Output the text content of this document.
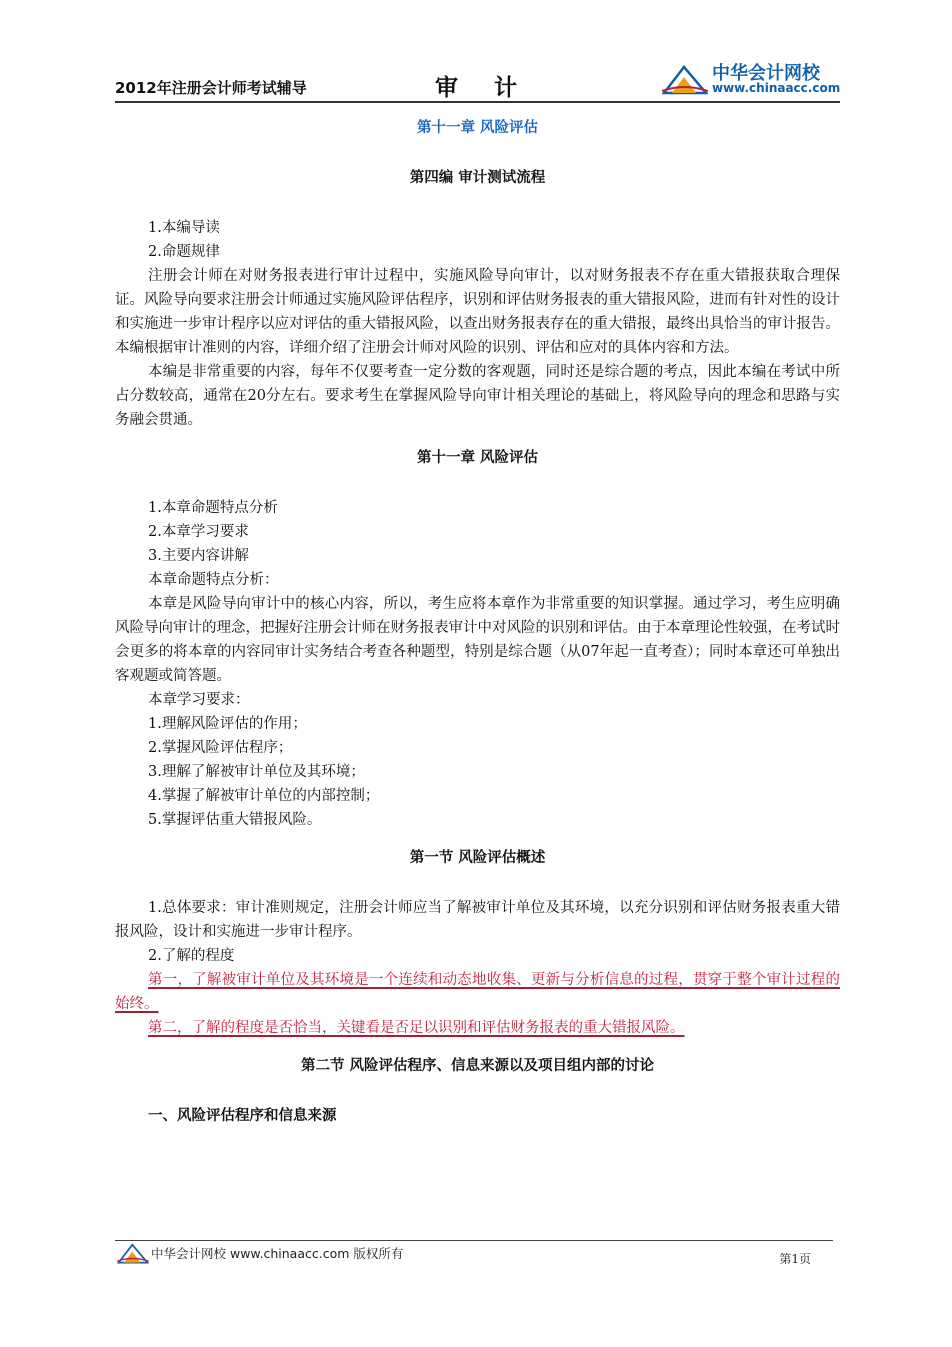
2012年注册会计师考试辅导	审计
中华会计网校
www.chinaacc.com

第十一章 风险评估

第四编 审计测试流程

1.本编导读

2.命题规律

注册会计师在对财务报表进行审计过程中，实施风险导向审计，以对财务报表不存在重大错报获取合理保证。风险导向要求注册会计师通过实施风险评估程序，识别和评估财务报表的重大错报风险，进而有针对性的设计和实施进一步审计程序以应对评估的重大错报风险，以查出财务报表存在的重大错报，最终出具恰当的审计报告。本编根据审计准则的内容，详细介绍了注册会计师对风险的识别、评估和应对的具体内容和方法。

本编是非常重要的内容，每年不仅要考查一定分数的客观题，同时还是综合题的考点，因此本编在考试中所占分数较高，通常在20分左右。要求考生在掌握风险导向审计相关理论的基础上，将风险导向的理念和思路与实务融会贯通。

第十一章 风险评估

1.本章命题特点分析

2.本章学习要求

3.主要内容讲解

本章命题特点分析：

本章是风险导向审计中的核心内容，所以，考生应将本章作为非常重要的知识掌握。通过学习，考生应明确风险导向审计的理念，把握好注册会计师在财务报表审计中对风险的识别和评估。由于本章理论性较强，在考试时会更多的将本章的内容同审计实务结合考查各种题型，特别是综合题（从07年起一直考查）；同时本章还可单独出客观题或简答题。

本章学习要求：

1.理解风险评估的作用；

2.掌握风险评估程序；

3.理解了解被审计单位及其环境；

4.掌握了解被审计单位的内部控制；

5.掌握评估重大错报风险。

第一节 风险评估概述

1.总体要求：审计准则规定，注册会计师应当了解被审计单位及其环境，以充分识别和评估财务报表重大错报风险，设计和实施进一步审计程序。

2.了解的程度

第一，了解被审计单位及其环境是一个连续和动态地收集、更新与分析信息的过程，贯穿于整个审计过程的始终。

第二，了解的程度是否恰当，关键看是否足以识别和评估财务报表的重大错报风险。

第二节 风险评估程序、信息来源以及项目组内部的讨论

一、风险评估程序和信息来源

中华会计网校 www.chinaacc.com 版权所有	第1页
